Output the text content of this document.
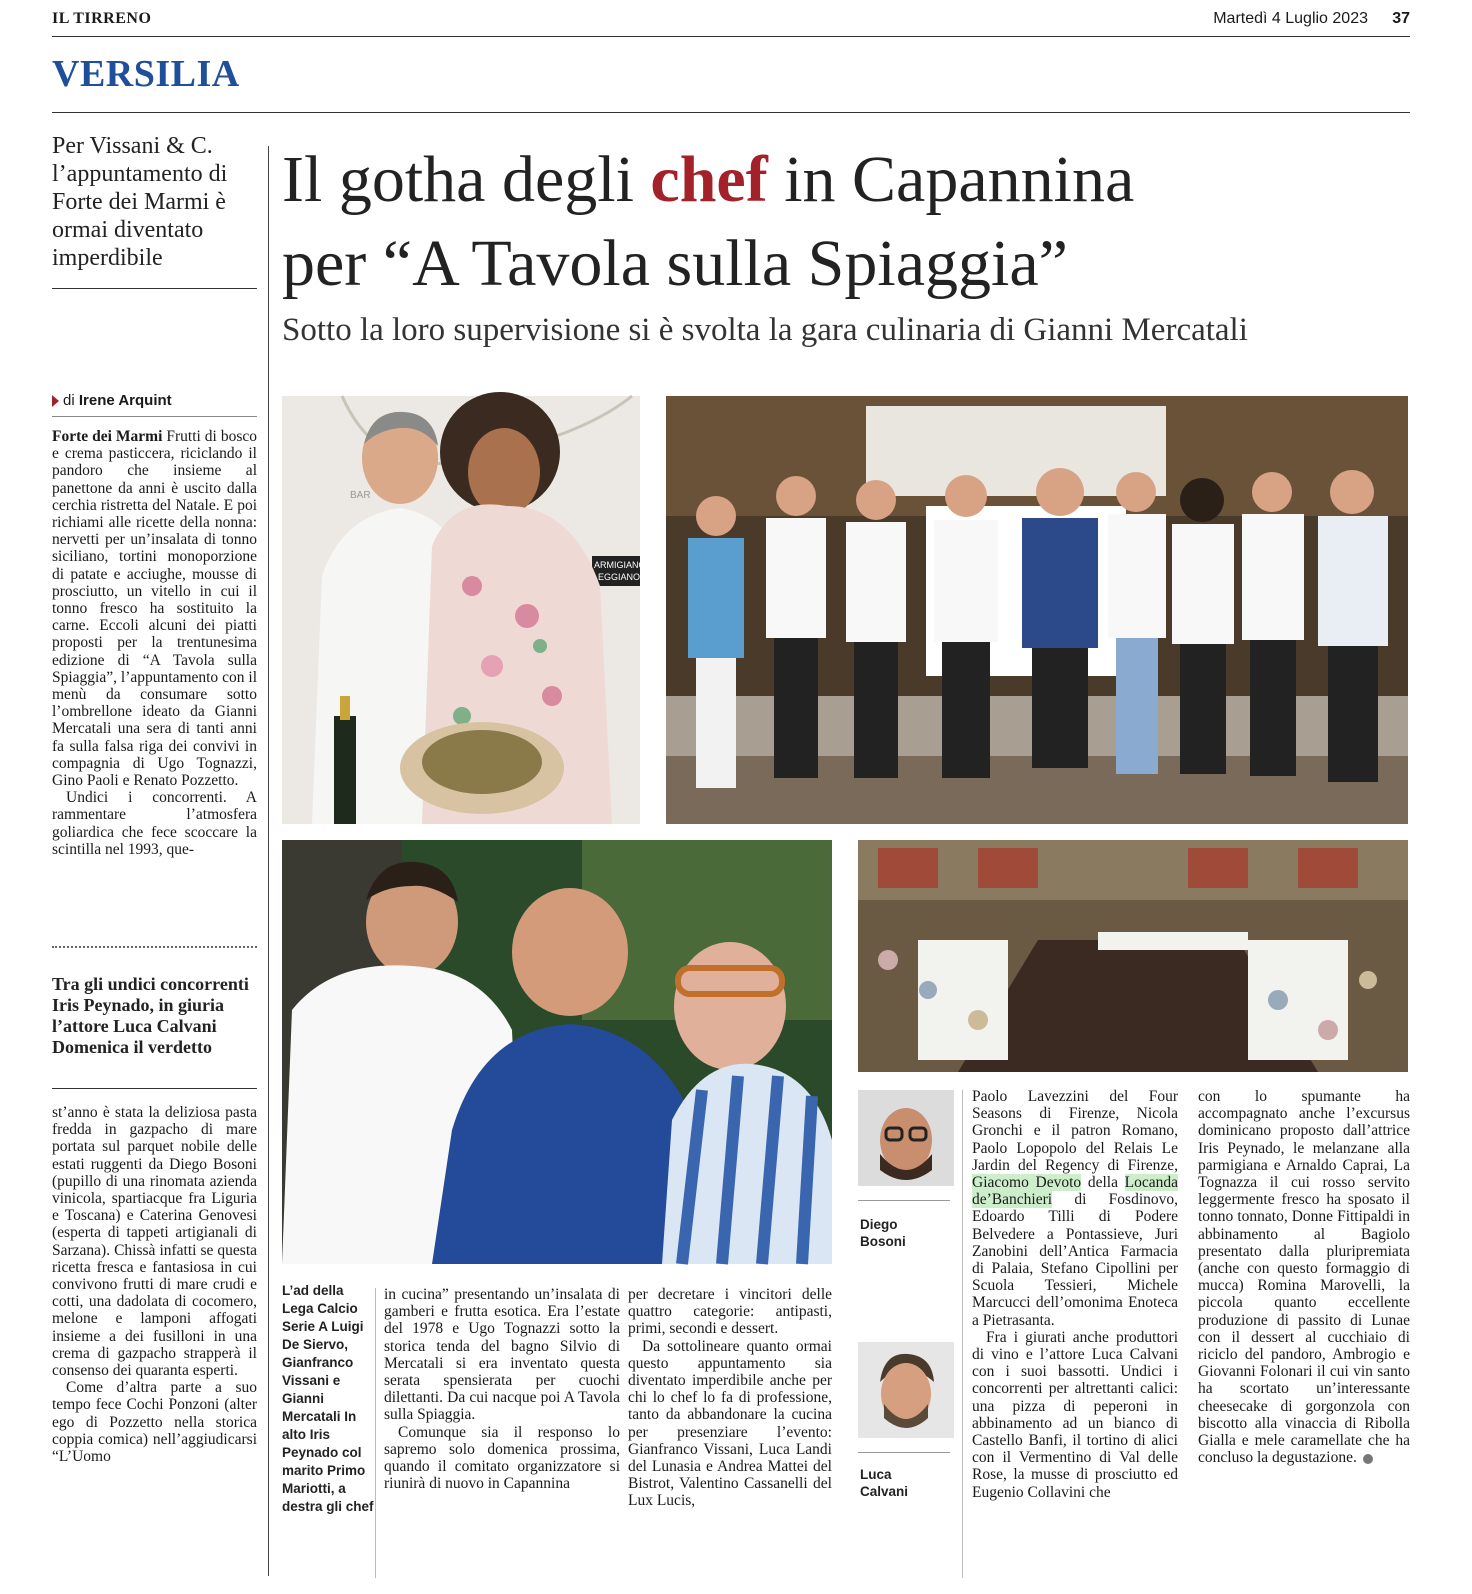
IL TIRRENO	Martedì 4 Luglio 2023 37
VERSILIA
Per Vissani & C. l’appuntamento di Forte dei Marmi è ormai diventato imperdibile
Il gotha degli chef in Capannina
per “A Tavola sulla Spiaggia”
Sotto la loro supervisione si è svolta la gara culinaria di Gianni Mercatali
di Irene Arquint

Forte dei Marmi Frutti di bosco e crema pasticcera, riciclando il pandoro che insieme al panettone da anni è uscito dalla cerchia ristretta del Natale. E poi richiami alle ricette della nonna: nervetti per un’insalata di tonno siciliano, tortini monoporzione di patate e acciughe, mousse di prosciutto, un vitello in cui il tonno fresco ha sostituito la carne. Eccoli alcuni dei piatti proposti per la trentunesima edizione di “A Tavola sulla Spiaggia”, l’appuntamento con il menù da consumare sotto l’ombrellone ideato da Gianni Mercatali una sera di tanti anni fa sulla falsa riga dei convivi in compagnia di Ugo Tognazzi, Gino Paoli e Renato Pozzetto.

Undici i concorrenti. A rammentare l’atmosfera goliardica che fece scoccare la scintilla nel 1993, que-

Tra gli undici concorrenti Iris Peynado, in giuria l’attore Luca Calvani Domenica il verdetto

st’anno è stata la deliziosa pasta fredda in gazpacho di mare portata sul parquet nobile delle estati ruggenti da Diego Bosoni (pupillo di una rinomata azienda vinicola, spartiacque fra Liguria e Toscana) e Caterina Genovesi (esperta di tappeti artigianali di Sarzana). Chissà infatti se questa ricetta fresca e fantasiosa in cui convivono frutti di mare crudi e cotti, una dadolata di cocomero, melone e lamponi affogati insieme a dei fusilloni in una crema di gazpacho strapperà il consenso dei quaranta esperti.

Come d’altra parte a suo tempo fece Cochi Ponzoni (alter ego di Pozzetto nella storica coppia comica) nell’aggiudicarsi “L’Uomo

ARMIGIANO
EGGIANO
BAR
L’ad della Lega Calcio Serie A Luigi De Siervo, Gianfranco Vissani e Gianni Mercatali In alto Iris Peynado col marito Primo Mariotti, a destra gli chef

in cucina” presentando un’insalata di gamberi e frutta esotica. Era l’estate del 1978 e Ugo Tognazzi sotto la storica tenda del bagno Silvio di Mercatali si era inventato questa serata spensierata per cuochi dilettanti. Da cui nacque poi A Tavola sulla Spiaggia.

Comunque sia il responso lo sapremo solo domenica prossima, quando il comitato organizzatore si riunirà di nuovo in Capannina

per decretare i vincitori delle quattro categorie: antipasti, primi, secondi e dessert.

Da sottolineare quanto ormai questo appuntamento sia diventato imperdibile anche per chi lo chef lo fa di professione, tanto da abbandonare la cucina per presenziare l’evento: Gianfranco Vissani, Luca Landi del Lunasia e Andrea Mattei del Bistrot, Valentino Cassanelli del Lux Lucis,

Diego Bosoni
Luca Calvani

Paolo Lavezzini del Four Seasons di Firenze, Nicola Gronchi e il patron Romano, Paolo Lopopolo del Relais Le Jardin del Regency di Firenze, Giacomo Devoto della Locanda de’Banchieri di Fosdinovo, Edoardo Tilli di Podere Belvedere a Pontassieve, Juri Zanobini dell’Antica Farmacia di Palaia, Stefano Cipollini per Scuola Tessieri, Michele Marcucci dell’omonima Enoteca a Pietrasanta.

Fra i giurati anche produttori di vino e l’attore Luca Calvani con i suoi bassotti. Undici i concorrenti per altrettanti calici: una pizza di peperoni in abbinamento ad un bianco di Castello Banfi, il tortino di alici con il Vermentino di Val delle Rose, la musse di prosciutto ed Eugenio Collavini che

con lo spumante ha accompagnato anche l’excursus dominicano proposto dall’attrice Iris Peynado, le melanzane alla parmigiana e Arnaldo Caprai, La Tognazza il cui rosso servito leggermente fresco ha sposato il tonno tonnato, Donne Fittipaldi in abbinamento al Bagiolo presentato dalla pluripremiata (anche con questo formaggio di mucca) Romina Marovelli, la piccola quanto eccellente produzione di passito di Lunae con il dessert al cucchiaio di riciclo del pandoro, Ambrogio e Giovanni Folonari il cui vin santo ha scortato un’interessante cheesecake di gorgonzola con biscotto alla vinaccia di Ribolla Gialla e mele caramellate che ha concluso la degustazione.
